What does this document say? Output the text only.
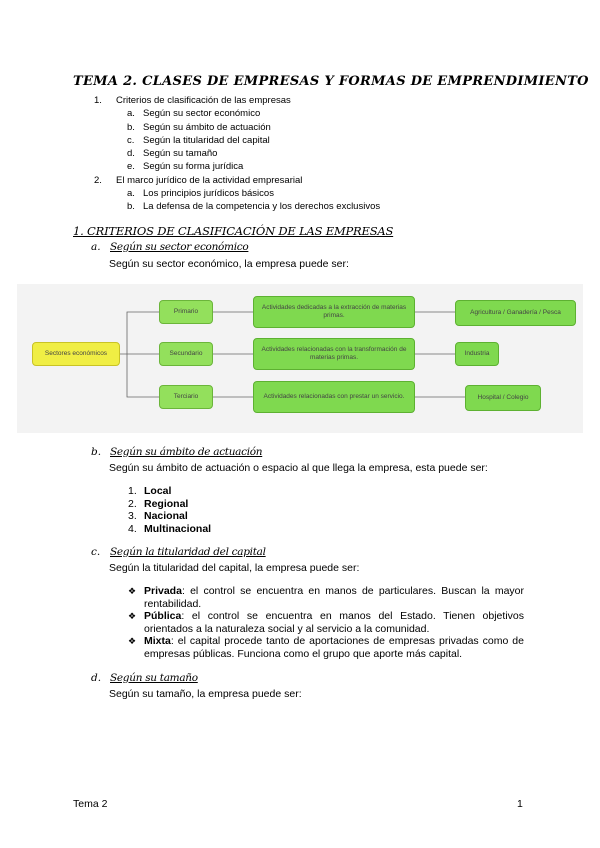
TEMA 2. CLASES DE EMPRESAS Y FORMAS DE EMPRENDIMIENTO
1. Criterios de clasificación de las empresas
a. Según su sector económico
b. Según su ámbito de actuación
c. Según la titularidad del capital
d. Según su tamaño
e. Según su forma jurídica
2. El marco jurídico de la actividad empresarial
a. Los principios jurídicos básicos
b. La defensa de la competencia y los derechos exclusivos
1. CRITERIOS DE CLASIFICACIÓN DE LAS EMPRESAS
a. Según su sector económico
Según su sector económico, la empresa puede ser:
Sectores económicos
Primario
Secundario
Terciario
Actividades dedicadas a la extracción de materias primas.
Actividades relacionadas con la transformación de materias primas.
Actividades relacionadas con prestar un servicio.
Agricultura / Ganadería / Pesca
Industria
Hospital / Colegio
b. Según su ámbito de actuación
Según su ámbito de actuación o espacio al que llega la empresa, esta puede ser:
1. Local
2. Regional
3. Nacional
4. Multinacional
c. Según la titularidad del capital
Según la titularidad del capital, la empresa puede ser:
❖ Privada: el control se encuentra en manos de particulares. Buscan la mayor rentabilidad.
❖ Pública: el control se encuentra en manos del Estado. Tienen objetivos orientados a la naturaleza social y al servicio a la comunidad.
❖ Mixta: el capital procede tanto de aportaciones de empresas privadas como de empresas públicas. Funciona como el grupo que aporte más capital.
d. Según su tamaño
Según su tamaño, la empresa puede ser:
Tema 2	1
